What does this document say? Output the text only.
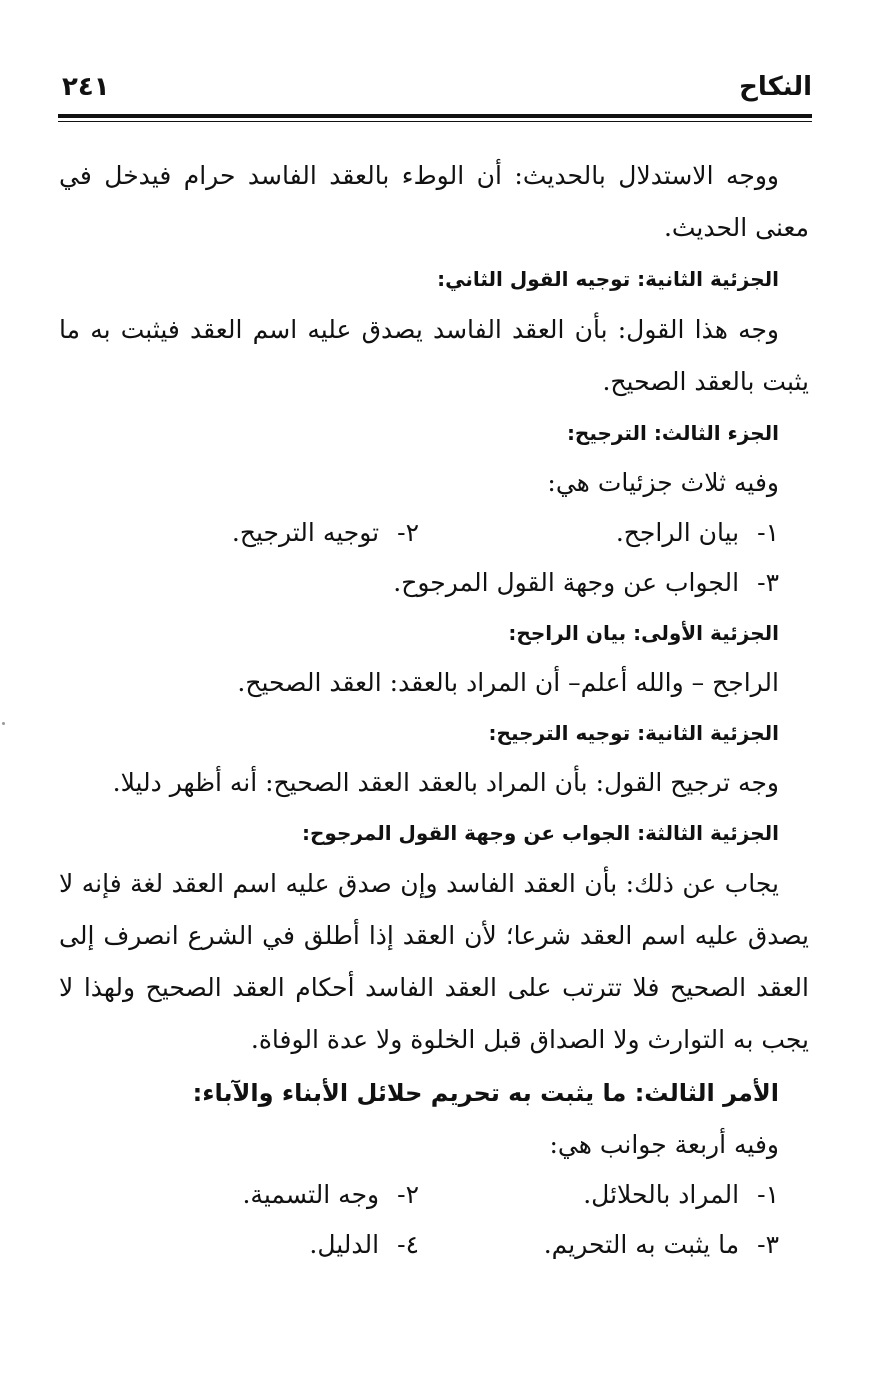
النكاح
٢٤١

ووجه الاستدلال بالحديث: أن الوطء بالعقد الفاسد حرام فيدخل في معنى الحديث.

الجزئية الثانية: توجيه القول الثاني:

وجه هذا القول: بأن العقد الفاسد يصدق عليه اسم العقد فيثبت به ما يثبت بالعقد الصحيح.

الجزء الثالث: الترجيح:

وفيه ثلاث جزئيات هي:

١-بيان الراجح.
٢-توجيه الترجيح.
٣-الجواب عن وجهة القول المرجوح.

الجزئية الأولى: بيان الراجح:

الراجح – والله أعلم– أن المراد بالعقد: العقد الصحيح.

الجزئية الثانية: توجيه الترجيح:

وجه ترجيح القول: بأن المراد بالعقد العقد الصحيح: أنه أظهر دليلا.

الجزئية الثالثة: الجواب عن وجهة القول المرجوح:

يجاب عن ذلك: بأن العقد الفاسد وإن صدق عليه اسم العقد لغة فإنه لا يصدق عليه اسم العقد شرعا؛ لأن العقد إذا أطلق في الشرع انصرف إلى العقد الصحيح فلا تترتب على العقد الفاسد أحكام العقد الصحيح ولهذا لا يجب به التوارث ولا الصداق قبل الخلوة ولا عدة الوفاة.

الأمر الثالث: ما يثبت به تحريم حلائل الأبناء والآباء:

وفيه أربعة جوانب هي:

١-المراد بالحلائل.
٢-وجه التسمية.
٣-ما يثبت به التحريم.
٤-الدليل.
